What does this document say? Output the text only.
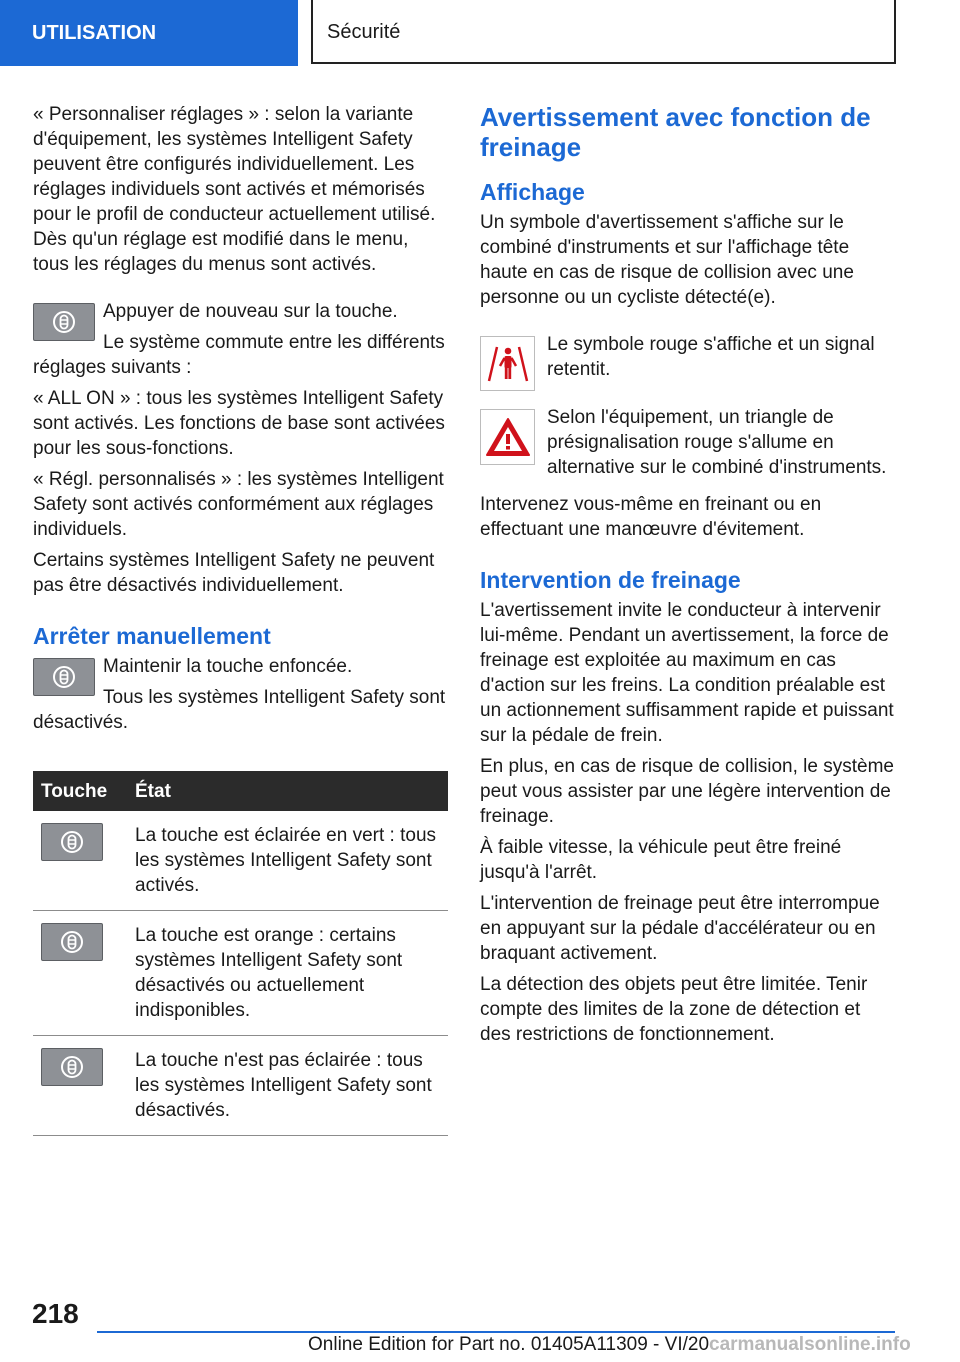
UTILISATION	Sécurité

« Personnaliser réglages » : selon la variante d'équipement, les systèmes Intelligent Safety peuvent être configurés individuellement. Les réglages individuels sont activés et mémorisés pour le profil de conducteur actuellement utilisé. Dès qu'un réglage est modifié dans le menu, tous les réglages du menus sont activés.

Appuyer de nouveau sur la touche.

Le système commute entre les différents réglages suivants :

« ALL ON » : tous les systèmes Intelligent Safety sont activés. Les fonctions de base sont activées pour les sous-fonctions.

« Régl. personnalisés » : les systèmes Intelligent Safety sont activés conformément aux réglages individuels.

Certains systèmes Intelligent Safety ne peuvent pas être désactivés individuellement.

Arrêter manuellement

Maintenir la touche enfoncée.

Tous les systèmes Intelligent Safety sont désactivés.

Touche	État

	La touche est éclairée en vert : tous les systèmes Intelligent Safety sont activés.

	La touche est orange : certains systèmes Intelligent Safety sont désactivés ou actuellement indisponibles.

	La touche n'est pas éclairée : tous les systèmes Intelligent Safety sont désactivés.
Avertissement avec fonction de freinage
Affichage

Un symbole d'avertissement s'affiche sur le combiné d'instruments et sur l'affichage tête haute en cas de risque de collision avec une personne ou un cycliste détecté(e).

Le symbole rouge s'affiche et un signal retentit.

Selon l'équipement, un triangle de présignalisation rouge s'allume en alternative sur le combiné d'instruments.

Intervenez vous-même en freinant ou en effectuant une manœuvre d'évitement.

Intervention de freinage

L'avertissement invite le conducteur à intervenir lui-même. Pendant un avertissement, la force de freinage est exploitée au maximum en cas d'action sur les freins. La condition préalable est un actionnement suffisamment rapide et puissant sur la pédale de frein.

En plus, en cas de risque de collision, le système peut vous assister par une légère intervention de freinage.

À faible vitesse, la véhicule peut être freiné jusqu'à l'arrêt.

L'intervention de freinage peut être interrompue en appuyant sur la pédale d'accélérateur ou en braquant activement.

La détection des objets peut être limitée. Tenir compte des limites de la zone de détection et des restrictions de fonctionnement.

218
Online Edition for Part no. 01405A11309 - VI/20carmanualsonline.info
